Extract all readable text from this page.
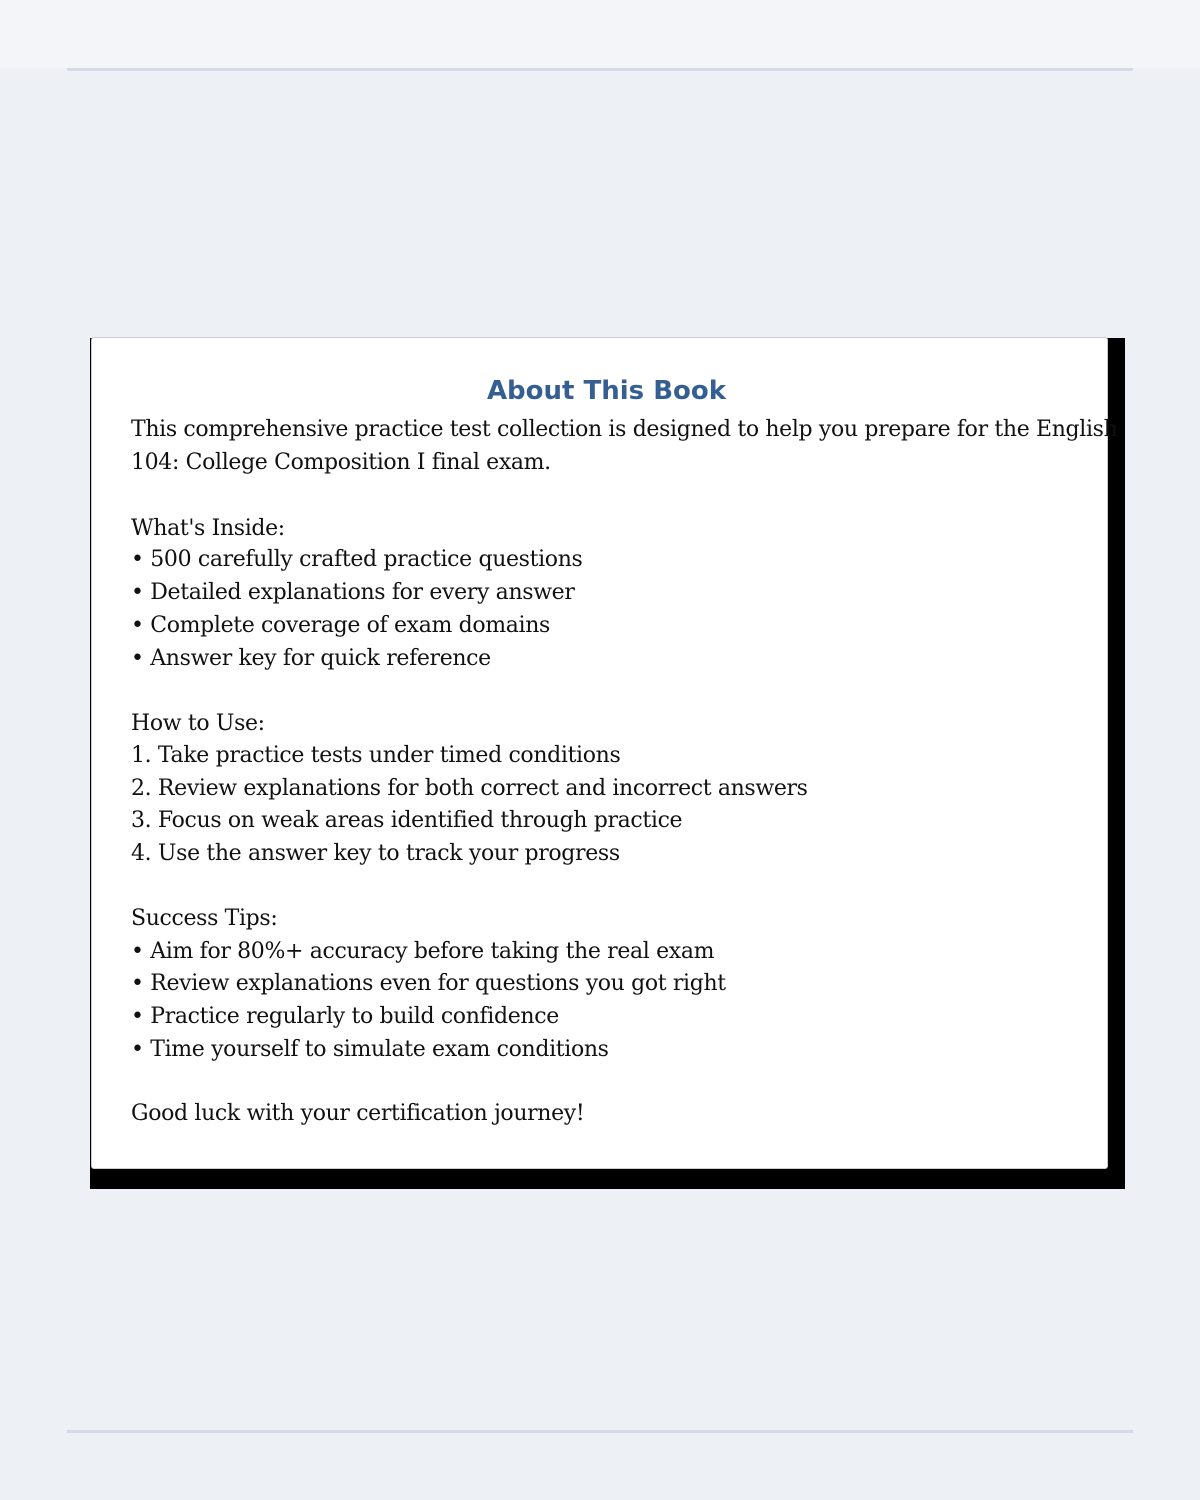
About This Book

This comprehensive practice test collection is designed to help you prepare for the English

104: College Composition I final exam.

What's Inside:

• 500 carefully crafted practice questions

• Detailed explanations for every answer

• Complete coverage of exam domains

• Answer key for quick reference

How to Use:

1. Take practice tests under timed conditions

2. Review explanations for both correct and incorrect answers

3. Focus on weak areas identified through practice

4. Use the answer key to track your progress

Success Tips:

• Aim for 80%+ accuracy before taking the real exam

• Review explanations even for questions you got right

• Practice regularly to build confidence

• Time yourself to simulate exam conditions

Good luck with your certification journey!
